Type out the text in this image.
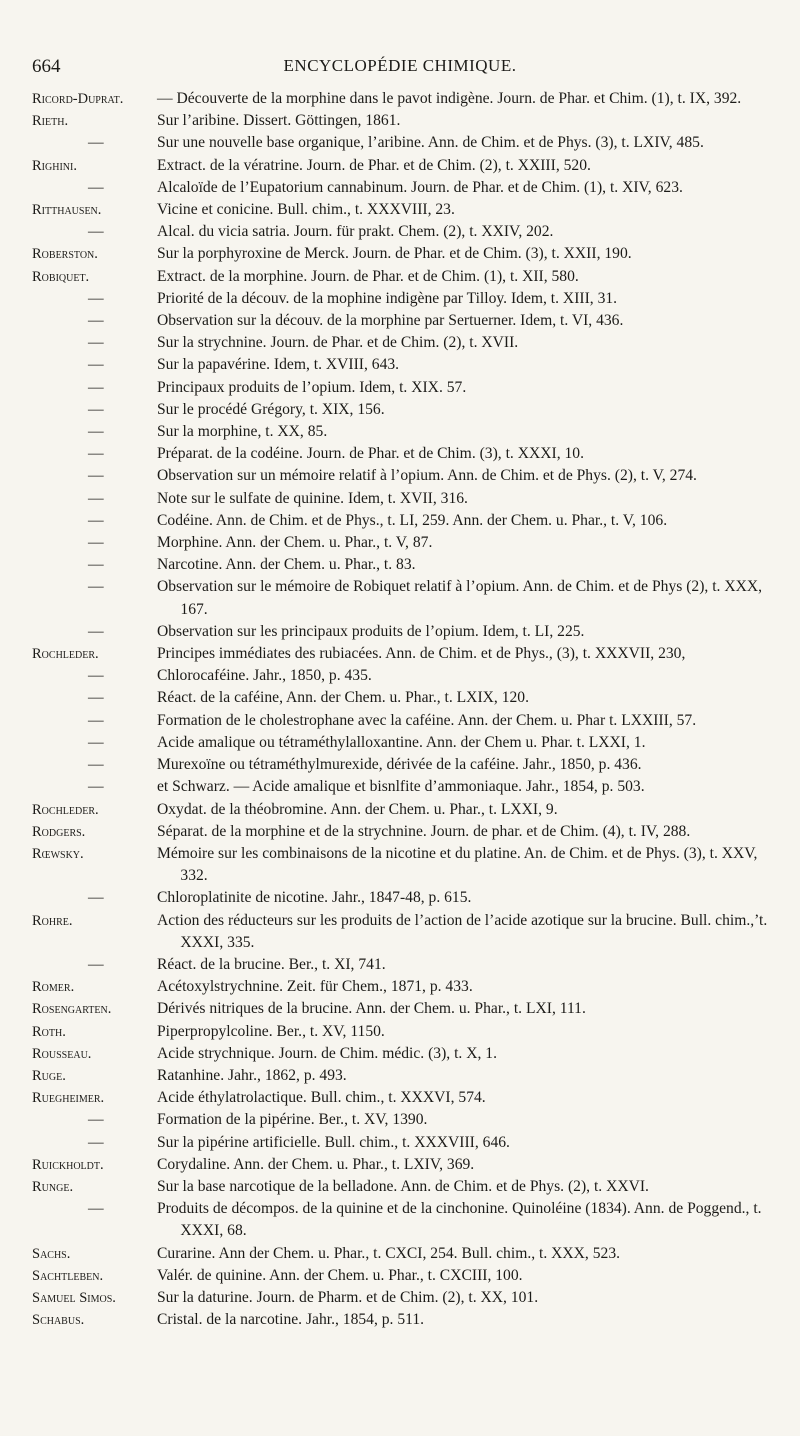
664	ENCYCLOPÉDIE CHIMIQUE.
Ricord-Duprat.	— Découverte de la morphine dans le pavot indigène. Journ. de Phar. et Chim. (1), t. IX, 392.
Rieth.	Sur l’aribine. Dissert. Göttingen, 1861.
—	Sur une nouvelle base organique, l’aribine. Ann. de Chim. et de Phys. (3), t. LXIV, 485.
Righini.	Extract. de la vératrine. Journ. de Phar. et de Chim. (2), t. XXIII, 520.
—	Alcaloïde de l’Eupatorium cannabinum. Journ. de Phar. et de Chim. (1), t. XIV, 623.
Ritthausen.	Vicine et conicine. Bull. chim., t. XXXVIII, 23.
—	Alcal. du vicia satria. Journ. für prakt. Chem. (2), t. XXIV, 202.
Roberston.	Sur la porphyroxine de Merck. Journ. de Phar. et de Chim. (3), t. XXII, 190.
Robiquet.	Extract. de la morphine. Journ. de Phar. et de Chim. (1), t. XII, 580.
—	Priorité de la découv. de la mophine indigène par Tilloy. Idem, t. XIII, 31.
—	Observation sur la découv. de la morphine par Sertuerner. Idem, t. VI, 436.
—	Sur la strychnine. Journ. de Phar. et de Chim. (2), t. XVII.
—	Sur la papavérine. Idem, t. XVIII, 643.
—	Principaux produits de l’opium. Idem, t. XIX. 57.
—	Sur le procédé Grégory, t. XIX, 156.
—	Sur la morphine, t. XX, 85.
—	Préparat. de la codéine. Journ. de Phar. et de Chim. (3), t. XXXI, 10.
—	Observation sur un mémoire relatif à l’opium. Ann. de Chim. et de Phys. (2), t. V, 274.
—	Note sur le sulfate de quinine. Idem, t. XVII, 316.
—	Codéine. Ann. de Chim. et de Phys., t. LI, 259. Ann. der Chem. u. Phar., t. V, 106.
—	Morphine. Ann. der Chem. u. Phar., t. V, 87.
—	Narcotine. Ann. der Chem. u. Phar., t. 83.
—	Observation sur le mémoire de Robiquet relatif à l’opium. Ann. de Chim. et de Phys (2), t. XXX, 167.
—	Observation sur les principaux produits de l’opium. Idem, t. LI, 225.
Rochleder.	Principes immédiates des rubiacées. Ann. de Chim. et de Phys., (3), t. XXXVII, 230,
—	Chlorocaféine. Jahr., 1850, p. 435.
—	Réact. de la caféine, Ann. der Chem. u. Phar., t. LXIX, 120.
—	Formation de le cholestrophane avec la caféine. Ann. der Chem. u. Phar t. LXXIII, 57.
—	Acide amalique ou tétraméthylalloxantine. Ann. der Chem u. Phar. t. LXXI, 1.
—	Murexoïne ou tétraméthylmurexide, dérivée de la caféine. Jahr., 1850, p. 436.
—	et Schwarz. — Acide amalique et bisnlfite d’ammoniaque. Jahr., 1854, p. 503.
Rochleder.	Oxydat. de la théobromine. Ann. der Chem. u. Phar., t. LXXI, 9.
Rodgers.	Séparat. de la morphine et de la strychnine. Journ. de phar. et de Chim. (4), t. IV, 288.
Rœwsky.	Mémoire sur les combinaisons de la nicotine et du platine. An. de Chim. et de Phys. (3), t. XXV, 332.
—	Chloroplatinite de nicotine. Jahr., 1847-48, p. 615.
Rohre.	Action des réducteurs sur les produits de l’action de l’acide azotique sur la brucine. Bull. chim.,’t. XXXI, 335.
—	Réact. de la brucine. Ber., t. XI, 741.
Romer.	Acétoxylstrychnine. Zeit. für Chem., 1871, p. 433.
Rosengarten.	Dérivés nitriques de la brucine. Ann. der Chem. u. Phar., t. LXI, 111.
Roth.	Piperpropylcoline. Ber., t. XV, 1150.
Rousseau.	Acide strychnique. Journ. de Chim. médic. (3), t. X, 1.
Ruge.	Ratanhine. Jahr., 1862, p. 493.
Ruegheimer.	Acide éthylatrolactique. Bull. chim., t. XXXVI, 574.
—	Formation de la pipérine. Ber., t. XV, 1390.
—	Sur la pipérine artificielle. Bull. chim., t. XXXVIII, 646.
Ruickholdt.	Corydaline. Ann. der Chem. u. Phar., t. LXIV, 369.
Runge.	Sur la base narcotique de la belladone. Ann. de Chim. et de Phys. (2), t. XXVI.
—	Produits de décompos. de la quinine et de la cinchonine. Quinoléine (1834). Ann. de Poggend., t. XXXI, 68.
Sachs.	Curarine. Ann der Chem. u. Phar., t. CXCI, 254. Bull. chim., t. XXX, 523.
Sachtleben.	Valér. de quinine. Ann. der Chem. u. Phar., t. CXCIII, 100.
Samuel Simos.	Sur la daturine. Journ. de Pharm. et de Chim. (2), t. XX, 101.
Schabus.	Cristal. de la narcotine. Jahr., 1854, p. 511.
